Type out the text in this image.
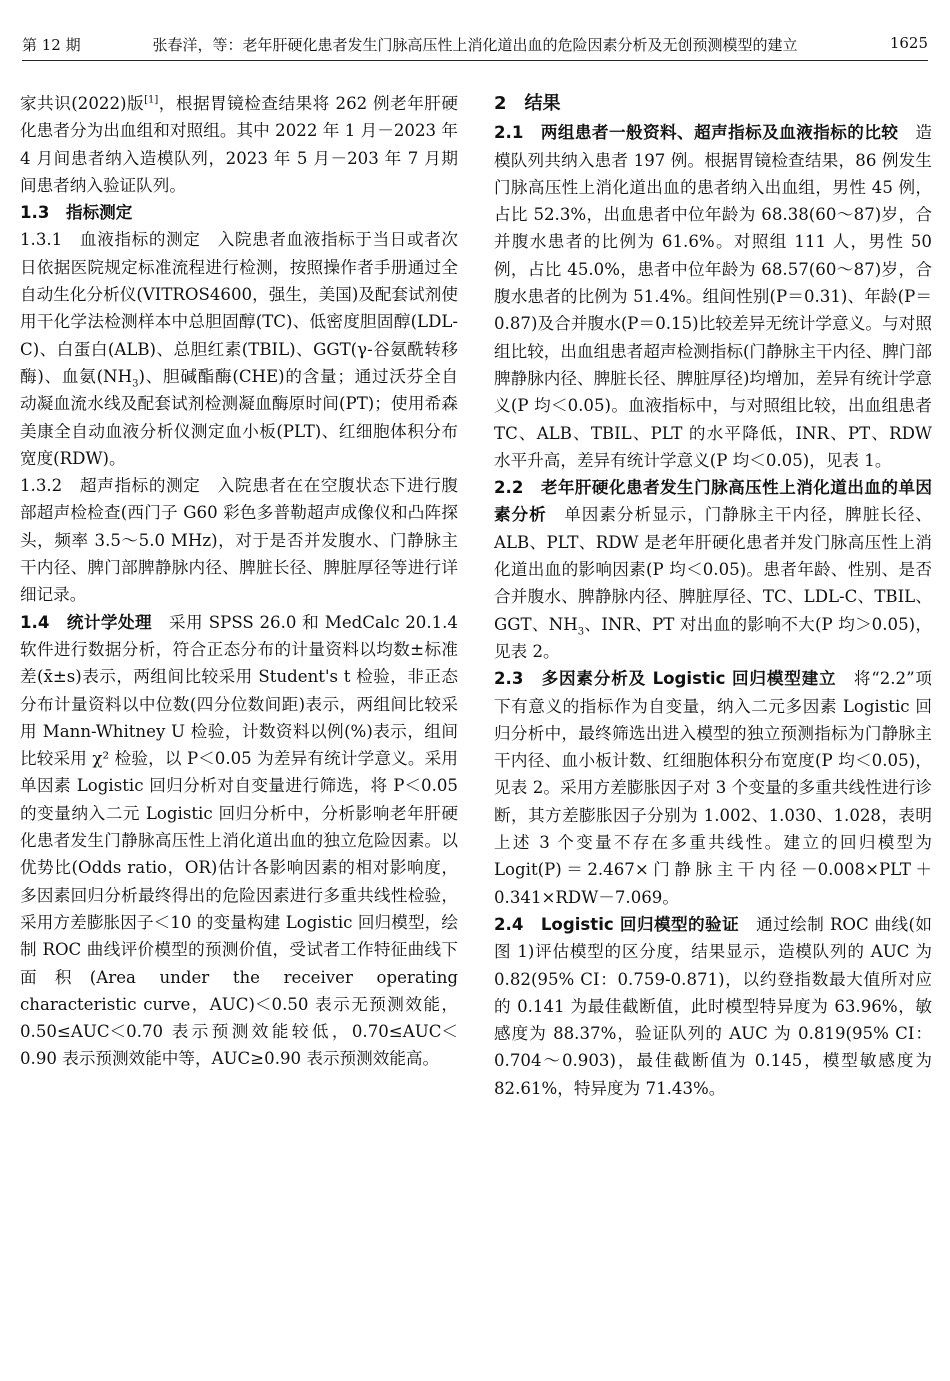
第 12 期	张春洋，等：老年肝硬化患者发生门脉高压性上消化道出血的危险因素分析及无创预测模型的建立	1625

家共识(2022)版[1]，根据胃镜检查结果将 262 例老年肝硬化患者分为出血组和对照组。其中 2022 年 1 月－2023 年 4 月间患者纳入造模队列，2023 年 5 月－203 年 7 月期间患者纳入验证队列。

1.3　指标测定

1.3.1　血液指标的测定　入院患者血液指标于当日或者次日依据医院规定标准流程进行检测，按照操作者手册通过全自动生化分析仪(VITROS4600，强生，美国)及配套试剂使用干化学法检测样本中总胆固醇(TC)、低密度胆固醇(LDL-C)、白蛋白(ALB)、总胆红素(TBIL)、GGT(γ-谷氨酰转移酶)、血氨$(NH_3)$、胆碱酯酶(CHE)的含量；通过沃芬全自动凝血流水线及配套试剂检测凝血酶原时间(PT)；使用希森美康全自动血液分析仪测定血小板(PLT)、红细胞体积分布宽度(RDW)。

1.3.2　超声指标的测定　入院患者在在空腹状态下进行腹部超声检检查(西门子 G60 彩色多普勒超声成像仪和凸阵探头，频率 3.5～5.0 MHz)，对于是否并发腹水、门静脉主干内径、脾门部脾静脉内径、脾脏长径、脾脏厚径等进行详细记录。

1.4　统计学处理　采用 SPSS 26.0 和 MedCalc 20.1.4 软件进行数据分析，符合正态分布的计量资料以均数±标准差(x̄±s)表示，两组间比较采用 Student's t 检验，非正态分布计量资料以中位数(四分位数间距)表示，两组间比较采用 Mann-Whitney U 检验，计数资料以例(%)表示，组间比较采用 χ² 检验，以 P＜0.05 为差异有统计学意义。采用单因素 Logistic 回归分析对自变量进行筛选，将 P＜0.05 的变量纳入二元 Logistic 回归分析中，分析影响老年肝硬化患者发生门静脉高压性上消化道出血的独立危险因素。以优势比(Odds ratio，OR)估计各影响因素的相对影响度，多因素回归分析最终得出的危险因素进行多重共线性检验，采用方差膨胀因子＜10 的变量构建 Logistic 回归模型，绘制 ROC 曲线评价模型的预测价值，受试者工作特征曲线下面积(Area under the receiver operating characteristic curve，AUC)＜0.50 表示无预测效能，0.50≤AUC＜0.70 表示预测效能较低，0.70≤AUC＜0.90 表示预测效能中等，AUC≥0.90 表示预测效能高。

2　结果

2.1　两组患者一般资料、超声指标及血液指标的比较　造模队列共纳入患者 197 例。根据胃镜检查结果，86 例发生门脉高压性上消化道出血的患者纳入出血组，男性 45 例，占比 52.3%，出血患者中位年龄为 68.38(60～87)岁，合并腹水患者的比例为 61.6%。对照组 111 人，男性 50 例，占比 45.0%，患者中位年龄为 68.57(60～87)岁，合腹水患者的比例为 51.4%。组间性别(P＝0.31)、年龄(P＝0.87)及合并腹水(P＝0.15)比较差异无统计学意义。与对照组比较，出血组患者超声检测指标(门静脉主干内径、脾门部脾静脉内径、脾脏长径、脾脏厚径)均增加，差异有统计学意义(P 均＜0.05)。血液指标中，与对照组比较，出血组患者 TC、ALB、TBIL、PLT 的水平降低，INR、PT、RDW 水平升高，差异有统计学意义(P 均＜0.05)，见表 1。

2.2　老年肝硬化患者发生门脉高压性上消化道出血的单因素分析　单因素分析显示，门静脉主干内径，脾脏长径、ALB、PLT、RDW 是老年肝硬化患者并发门脉高压性上消化道出血的影响因素(P 均＜0.05)。患者年龄、性别、是否合并腹水、脾静脉内径、脾脏厚径、TC、LDL-C、TBIL、GGT、$NH_3$、INR、PT 对出血的影响不大(P 均＞0.05)，见表 2。

2.3　多因素分析及 Logistic 回归模型建立　将“2.2”项下有意义的指标作为自变量，纳入二元多因素 Logistic 回归分析中，最终筛选出进入模型的独立预测指标为门静脉主干内径、血小板计数、红细胞体积分布宽度(P 均＜0.05)，见表 2。采用方差膨胀因子对 3 个变量的多重共线性进行诊断，其方差膨胀因子分别为 1.002、1.030、1.028，表明上述 3 个变量不存在多重共线性。建立的回归模型为 Logit(P)＝2.467×门静脉主干内径－0.008×PLT＋0.341×RDW－7.069。

2.4　Logistic 回归模型的验证　通过绘制 ROC 曲线(如图 1)评估模型的区分度，结果显示，造模队列的 AUC 为 0.82(95% CI：0.759-0.871)，以约登指数最大值所对应的 0.141 为最佳截断值，此时模型特异度为 63.96%，敏感度为 88.37%，验证队列的 AUC 为 0.819(95% CI：0.704～0.903)，最佳截断值为 0.145，模型敏感度为 82.61%，特异度为 71.43%。
